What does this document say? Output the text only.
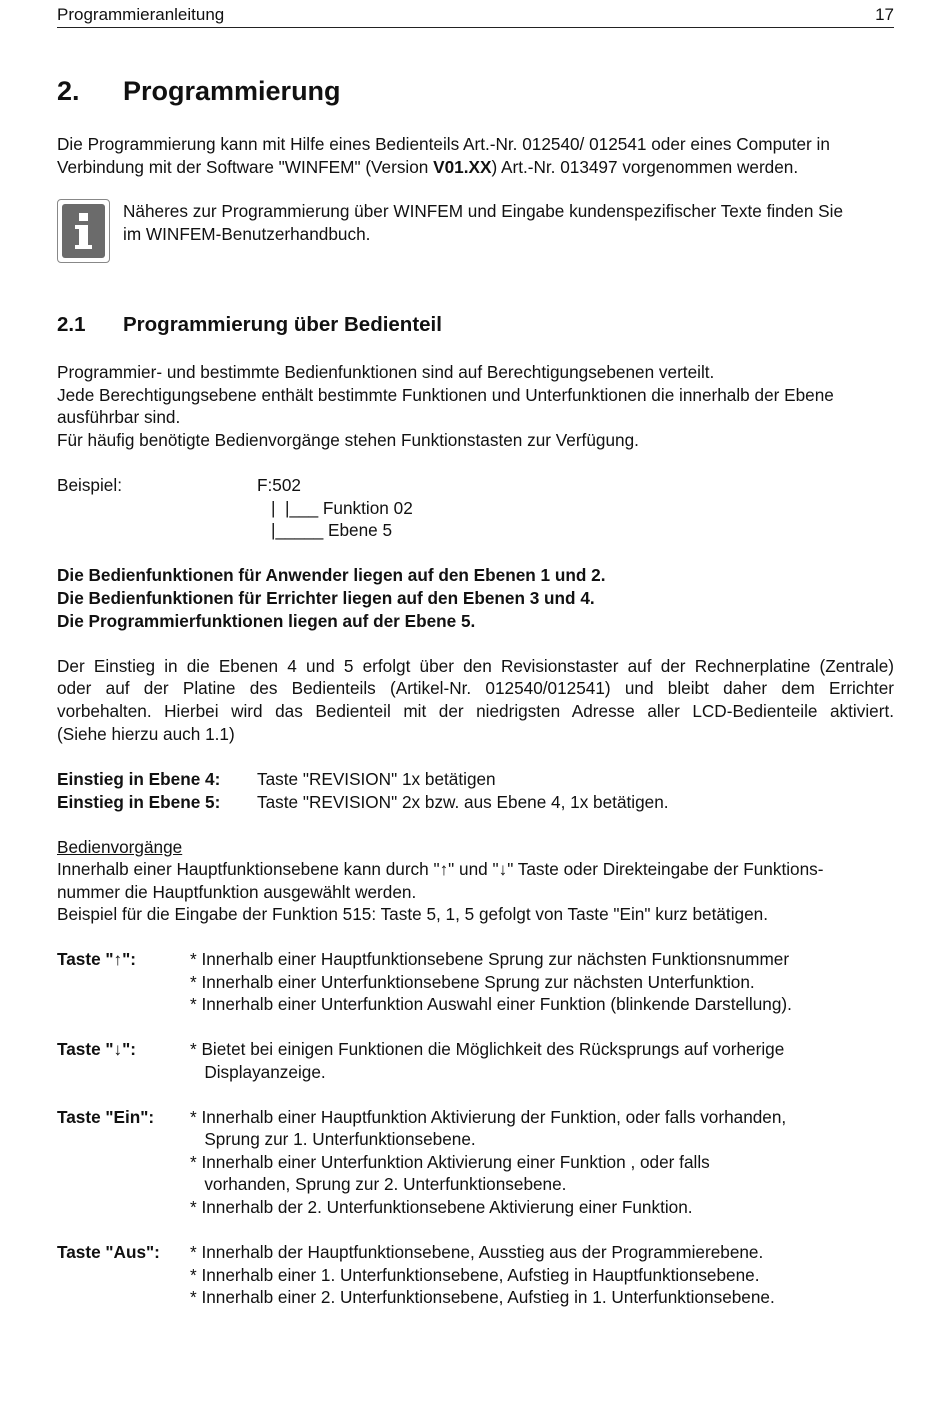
Programmieranleitung	17
2. Programmierung
Die Programmierung kann mit Hilfe eines Bedienteils Art.-Nr. 012540/ 012541 oder eines Computer in
Verbindung mit der Software "WINFEM" (Version V01.XX) Art.-Nr. 013497 vorgenommen werden.
Näheres zur Programmierung über WINFEM und Eingabe kundenspezifischer Texte finden Sie
im WINFEM-Benutzerhandbuch.
2.1 Programmierung über Bedienteil
Programmier- und bestimmte Bedienfunktionen sind auf Berechtigungsebenen verteilt.
Jede Berechtigungsebene enthält bestimmte Funktionen und Unterfunktionen die innerhalb der Ebene
ausführbar sind.
Für häufig benötigte Bedienvorgänge stehen Funktionstasten zur Verfügung.
Beispiel:	F:502
|  |___ Funktion 02
|_____ Ebene 5
Die Bedienfunktionen für Anwender liegen auf den Ebenen 1 und 2.
Die Bedienfunktionen für Errichter liegen auf den Ebenen 3 und 4.
Die Programmierfunktionen liegen auf der Ebene 5.
Der Einstieg in die Ebenen 4 und 5 erfolgt über den Revisionstaster auf der Rechnerplatine (Zentrale)
oder auf der Platine des Bedienteils (Artikel-Nr. 012540/012541) und bleibt daher dem Errichter
vorbehalten. Hierbei wird das Bedienteil mit der niedrigsten Adresse aller LCD-Bedienteile aktiviert.
(Siehe hierzu auch 1.1)
Einstieg in Ebene 4: Taste "REVISION" 1x betätigen
Einstieg in Ebene 5: Taste "REVISION" 2x bzw. aus Ebene 4, 1x betätigen.
Bedienvorgänge
Innerhalb einer Hauptfunktionsebene kann durch "↑" und "↓" Taste oder Direkteingabe der Funktions-
nummer die Hauptfunktion ausgewählt werden.
Beispiel für die Eingabe der Funktion 515: Taste 5, 1, 5 gefolgt von Taste "Ein" kurz betätigen.
Taste "↑":	* Innerhalb einer Hauptfunktionsebene Sprung zur nächsten Funktionsnummer
* Innerhalb einer Unterfunktionsebene Sprung zur nächsten Unterfunktion.
* Innerhalb einer Unterfunktion Auswahl einer Funktion (blinkende Darstellung).
Taste "↓":	* Bietet bei einigen Funktionen die Möglichkeit des Rücksprungs auf vorherige
Displayanzeige.
Taste "Ein": * Innerhalb einer Hauptfunktion Aktivierung der Funktion, oder falls vorhanden,
Sprung zur 1. Unterfunktionsebene.
* Innerhalb einer Unterfunktion Aktivierung einer Funktion , oder falls
vorhanden, Sprung zur 2. Unterfunktionsebene.
* Innerhalb der 2. Unterfunktionsebene Aktivierung einer Funktion.
Taste "Aus": * Innerhalb der Hauptfunktionsebene, Ausstieg aus der Programmierebene.
* Innerhalb einer 1. Unterfunktionsebene, Aufstieg in Hauptfunktionsebene.
* Innerhalb einer 2. Unterfunktionsebene, Aufstieg in 1. Unterfunktionsebene.
